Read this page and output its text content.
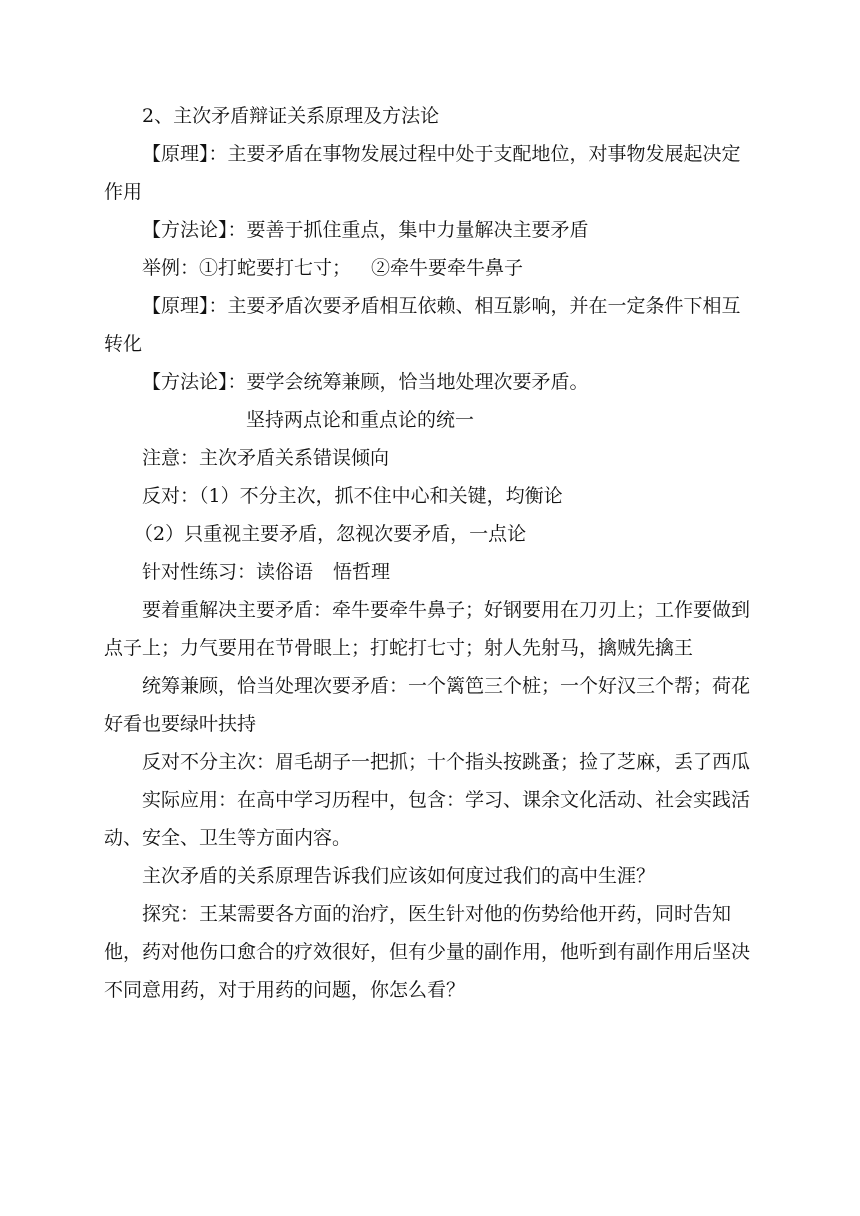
2、主次矛盾辩证关系原理及方法论

【原理】：主要矛盾在事物发展过程中处于支配地位，对事物发展起决定作用

【方法论】：要善于抓住重点，集中力量解决主要矛盾

举例：①打蛇要打七寸； ②牵牛要牵牛鼻子

【原理】：主要矛盾次要矛盾相互依赖、相互影响，并在一定条件下相互转化

【方法论】：要学会统筹兼顾，恰当地处理次要矛盾。

坚持两点论和重点论的统一

注意：主次矛盾关系错误倾向

反对：（1）不分主次，抓不住中心和关键，均衡论

（2）只重视主要矛盾，忽视次要矛盾，一点论

针对性练习：读俗语 悟哲理

要着重解决主要矛盾：牵牛要牵牛鼻子；好钢要用在刀刃上；工作要做到点子上；力气要用在节骨眼上；打蛇打七寸；射人先射马，擒贼先擒王

统筹兼顾，恰当处理次要矛盾：一个篱笆三个桩；一个好汉三个帮；荷花好看也要绿叶扶持

反对不分主次：眉毛胡子一把抓；十个指头按跳蚤；捡了芝麻，丢了西瓜

实际应用：在高中学习历程中，包含：学习、课余文化活动、社会实践活动、安全、卫生等方面内容。

主次矛盾的关系原理告诉我们应该如何度过我们的高中生涯？

探究：王某需要各方面的治疗，医生针对他的伤势给他开药，同时告知他，药对他伤口愈合的疗效很好，但有少量的副作用，他听到有副作用后坚决不同意用药，对于用药的问题，你怎么看？
